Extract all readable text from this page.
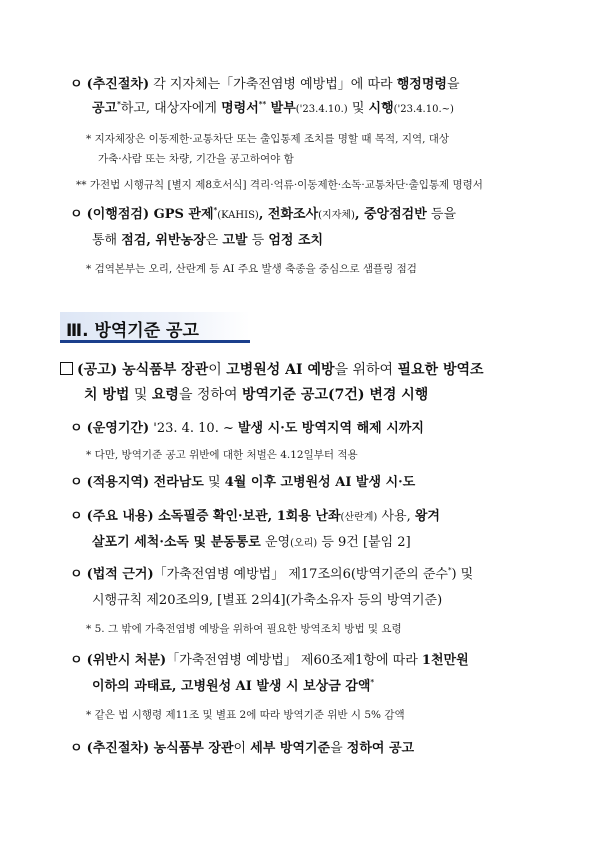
ㅇ (추진절차) 각 지자체는「가축전염병 예방법」에 따라 행정명령을
공고*하고, 대상자에게 명령서** 발부('23.4.10.) 및 시행('23.4.10.~)
* 지자체장은 이동제한·교통차단 또는 출입통제 조치를 명할 때 목적, 지역, 대상
가축·사람 또는 차량, 기간을 공고하여야 함
** 가전법 시행규칙 [별지 제8호서식] 격리·억류·이동제한·소독·교통차단·출입통제 명령서
ㅇ (이행점검) GPS 관제*(KAHIS), 전화조사(지자체), 중앙점검반 등을
통해 점검, 위반농장은 고발 등 엄정 조치
* 검역본부는 오리, 산란계 등 AI 주요 발생 축종을 중심으로 샘플링 점검
Ⅲ. 방역기준 공고
(공고) 농식품부 장관이 고병원성 AI 예방을 위하여 필요한 방역조
치 방법 및 요령을 정하여 방역기준 공고(7건) 변경 시행
ㅇ (운영기간) '23. 4. 10. ~ 발생 시·도 방역지역 해제 시까지
* 다만, 방역기준 공고 위반에 대한 처벌은 4.12일부터 적용
ㅇ (적용지역) 전라남도 및 4월 이후 고병원성 AI 발생 시·도
ㅇ (주요 내용) 소독필증 확인·보관, 1회용 난좌(산란계) 사용, 왕겨
살포기 세척·소독 및 분동통로 운영(오리) 등 9건 [붙임 2]
ㅇ (법적 근거)「가축전염병 예방법」 제17조의6(방역기준의 준수*) 및
시행규칙 제20조의9, [별표 2의4](가축소유자 등의 방역기준)
* 5. 그 밖에 가축전염병 예방을 위하여 필요한 방역조치 방법 및 요령
ㅇ (위반시 처분)「가축전염병 예방법」 제60조제1항에 따라 1천만원
이하의 과태료, 고병원성 AI 발생 시 보상금 감액*
* 같은 법 시행령 제11조 및 별표 2에 따라 방역기준 위반 시 5% 감액
ㅇ (추진절차) 농식품부 장관이 세부 방역기준을 정하여 공고
